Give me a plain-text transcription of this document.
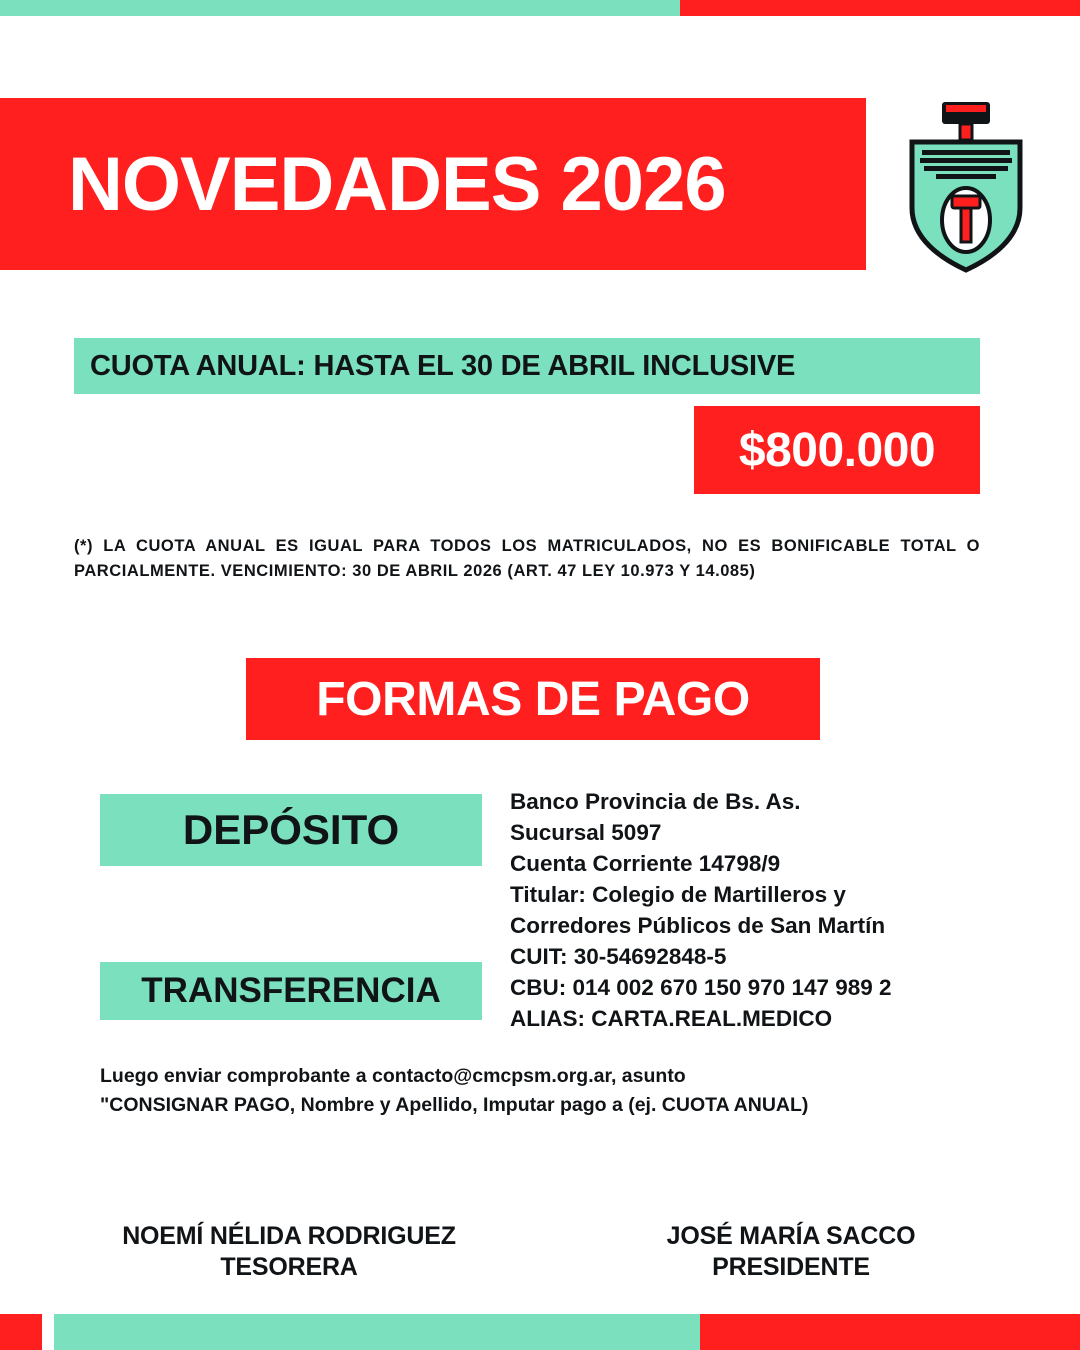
NOVEDADES 2026
CUOTA ANUAL: HASTA EL 30 DE ABRIL INCLUSIVE
$800.000
(*) LA CUOTA ANUAL ES IGUAL PARA TODOS LOS MATRICULADOS, NO ES BONIFICABLE TOTAL O PARCIALMENTE. VENCIMIENTO: 30 DE ABRIL 2026 (ART. 47 LEY 10.973 Y 14.085)
FORMAS DE PAGO
DEPÓSITO
TRANSFERENCIA
Banco Provincia de Bs. As.
Sucursal 5097
Cuenta Corriente 14798/9
Titular: Colegio de Martilleros y
Corredores Públicos de San Martín
CUIT: 30-54692848-5
CBU: 014 002 670 150 970 147 989 2
ALIAS: CARTA.REAL.MEDICO
Luego enviar comprobante a contacto@cmcpsm.org.ar, asunto
"CONSIGNAR PAGO, Nombre y Apellido, Imputar pago a (ej. CUOTA ANUAL)
NOEMÍ NÉLIDA RODRIGUEZ
TESORERA
JOSÉ MARÍA SACCO
PRESIDENTE
